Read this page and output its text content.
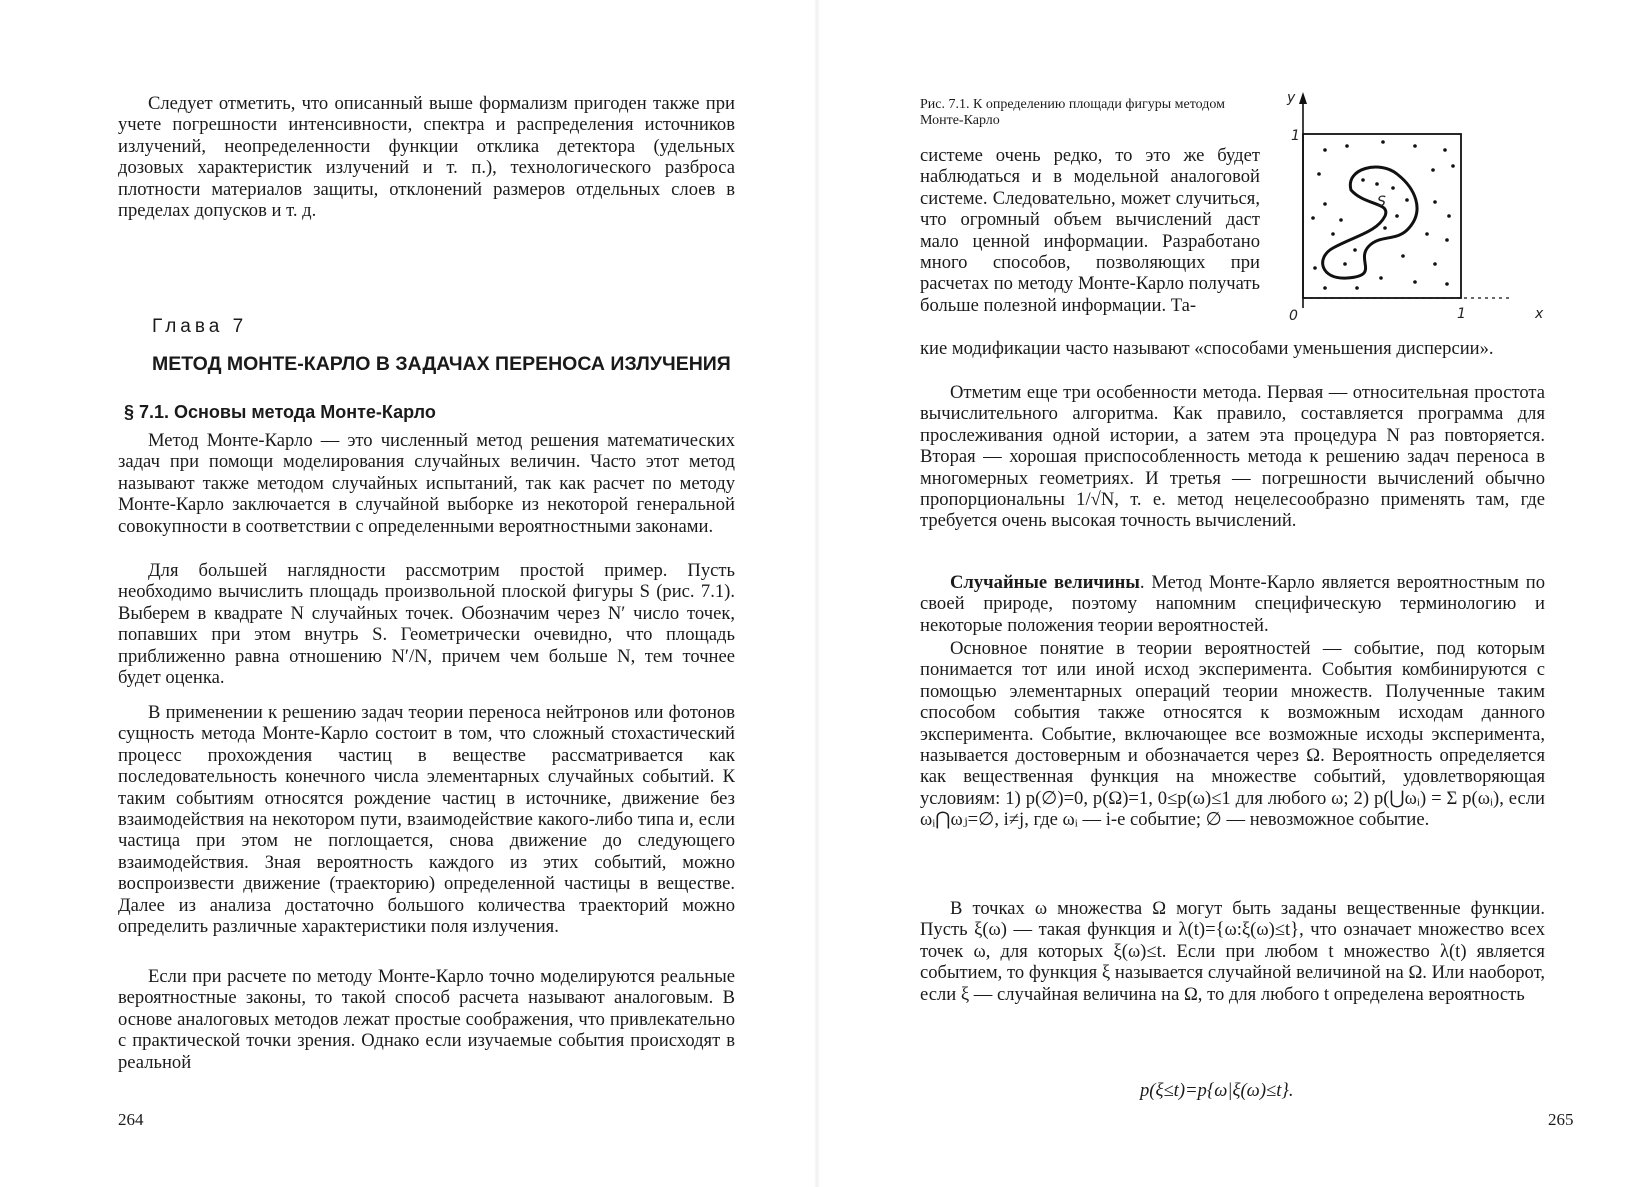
Следует отметить, что описанный выше формализм пригоден также при учете погрешности интенсивности, спектра и распределения источников излучений, неопределенности функции отклика детектора (удельных дозовых характеристик излучений и т. п.), технологического разброса плотности материалов защиты, отклонений размеров отдельных слоев в пределах допусков и т. д.

Глава 7

МЕТОД МОНТЕ-КАРЛО В ЗАДАЧАХ ПЕРЕНОСА ИЗЛУЧЕНИЯ

§ 7.1. Основы метода Монте-Карло

Метод Монте-Карло — это численный метод решения математических задач при помощи моделирования случайных величин. Часто этот метод называют также методом случайных испытаний, так как расчет по методу Монте-Карло заключается в случайной выборке из некоторой генеральной совокупности в соответствии с определенными вероятностными законами.

Для большей наглядности рассмотрим простой пример. Пусть необходимо вычислить площадь произвольной плоской фигуры S (рис. 7.1). Выберем в квадрате N случайных точек. Обозначим через N′ число точек, попавших при этом внутрь S. Геометрически очевидно, что площадь приближенно равна отношению N′/N, причем чем больше N, тем точнее будет оценка.

В применении к решению задач теории переноса нейтронов или фотонов сущность метода Монте-Карло состоит в том, что сложный стохастический процесс прохождения частиц в веществе рассматривается как последовательность конечного числа элементарных случайных событий. К таким событиям относятся рождение частиц в источнике, движение без взаимодействия на некотором пути, взаимодействие какого-либо типа и, если частица при этом не поглощается, снова движение до следующего взаимодействия. Зная вероятность каждого из этих событий, можно воспроизвести движение (траекторию) определенной частицы в веществе. Далее из анализа достаточно большого количества траекторий можно определить различные характеристики поля излучения.

Если при расчете по методу Монте-Карло точно моделируются реальные вероятностные законы, то такой способ расчета называют аналоговым. В основе аналоговых методов лежат простые соображения, что привлекательно с практической точки зрения. Однако если изучаемые события происходят в реальной

264

Рис. 7.1. К определению площади фигуры методом Монте-Карло

y
1
0	1	x
S

системе очень редко, то это же будет наблюдаться и в модельной аналоговой системе. Следовательно, может случиться, что огромный объем вычислений даст мало ценной информации. Разработано много способов, позволяющих при расчетах по методу Монте-Карло получать больше полезной информации. Та-

кие модификации часто называют «способами уменьшения дисперсии».

Отметим еще три особенности метода. Первая — относительная простота вычислительного алгоритма. Как правило, составляется программа для прослеживания одной истории, а затем эта процедура N раз повторяется. Вторая — хорошая приспособленность метода к решению задач переноса в многомерных геометриях. И третья — погрешности вычислений обычно пропорциональны 1/√N, т. е. метод нецелесообразно применять там, где требуется очень высокая точность вычислений.

Случайные величины. Метод Монте-Карло является вероятностным по своей природе, поэтому напомним специфическую терминологию и некоторые положения теории вероятностей.

Основное понятие в теории вероятностей — событие, под которым понимается тот или иной исход эксперимента. События комбинируются с помощью элементарных операций теории множеств. Полученные таким способом события также относятся к возможным исходам данного эксперимента. Событие, включающее все возможные исходы эксперимента, называется достоверным и обозначается через Ω. Вероятность определяется как вещественная функция на множестве событий, удовлетворяющая условиям: 1) p(∅)=0, p(Ω)=1, 0≤p(ω)≤1 для любого ω; 2) p(⋃ωᵢ) = Σ p(ωᵢ), если ωᵢ⋂ωⱼ=∅, i≠j, где ωᵢ — i-е событие; ∅ — невозможное событие.

В точках ω множества Ω могут быть заданы вещественные функции. Пусть ξ(ω) — такая функция и λ(t)={ω:ξ(ω)≤t}, что означает множество всех точек ω, для которых ξ(ω)≤t. Если при любом t множество λ(t) является событием, то функция ξ называется случайной величиной на Ω. Или наоборот, если ξ — случайная величина на Ω, то для любого t определена вероятность

p(ξ≤t)=p{ω|ξ(ω)≤t}.

265
